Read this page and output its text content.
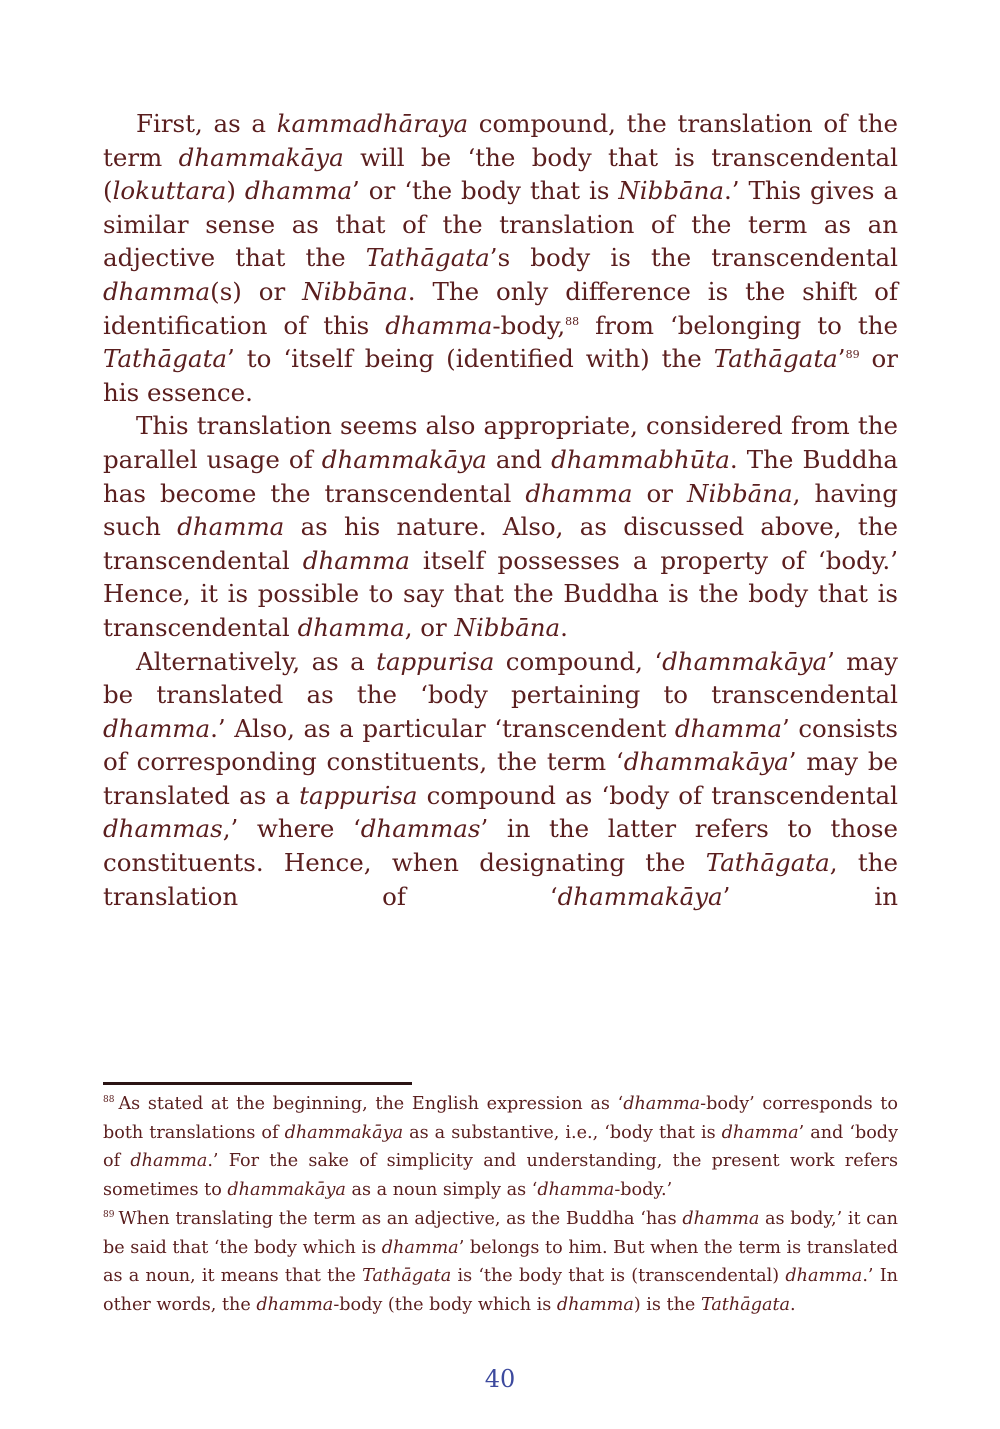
First, as a kammadhāraya compound, the translation of the term dhammakāya will be ‘the body that is transcendental (lokuttara) dhamma’ or ‘the body that is Nibbāna.’ This gives a similar sense as that of the translation of the term as an adjective that the Tathāgata’s body is the transcendental dhamma(s) or Nibbāna. The only difference is the shift of identification of this dhamma-body,$^{88}$ from ‘belonging to the Tathāgata’ to ‘itself being (identified with) the Tathāgata’$^{89}$ or his essence.

This translation seems also appropriate, considered from the parallel usage of dhammakāya and dhammabhūta. The Buddha has become the transcendental dhamma or Nibbāna, having such dhamma as his nature. Also, as discussed above, the transcendental dhamma itself possesses a property of ‘body.’ Hence, it is possible to say that the Buddha is the body that is transcendental dhamma, or Nibbāna.

Alternatively, as a tappurisa compound, ‘dhammakāya’ may be translated as the ‘body pertaining to transcendental dhamma.’ Also, as a particular ‘transcendent dhamma’ consists of corresponding constituents, the term ‘dhammakāya’ may be translated as a tappurisa compound as ‘body of transcendental dhammas,’ where ‘dhammas’ in the latter refers to those constituents. Hence, when designating the Tathāgata, the translation of ‘dhammakāya’ in

$^{88}$ As stated at the beginning, the English expression as ‘dhamma-body’ corresponds to both translations of dhammakāya as a substantive, i.e., ‘body that is dhamma’ and ‘body of dhamma.’ For the sake of simplicity and understanding, the present work refers sometimes to dhammakāya as a noun simply as ‘dhamma-body.’

$^{89}$ When translating the term as an adjective, as the Buddha ‘has dhamma as body,’ it can be said that ‘the body which is dhamma’ belongs to him. But when the term is translated as a noun, it means that the Tathāgata is ‘the body that is (transcendental) dhamma.’ In other words, the dhamma-body (the body which is dhamma) is the Tathāgata.

40
